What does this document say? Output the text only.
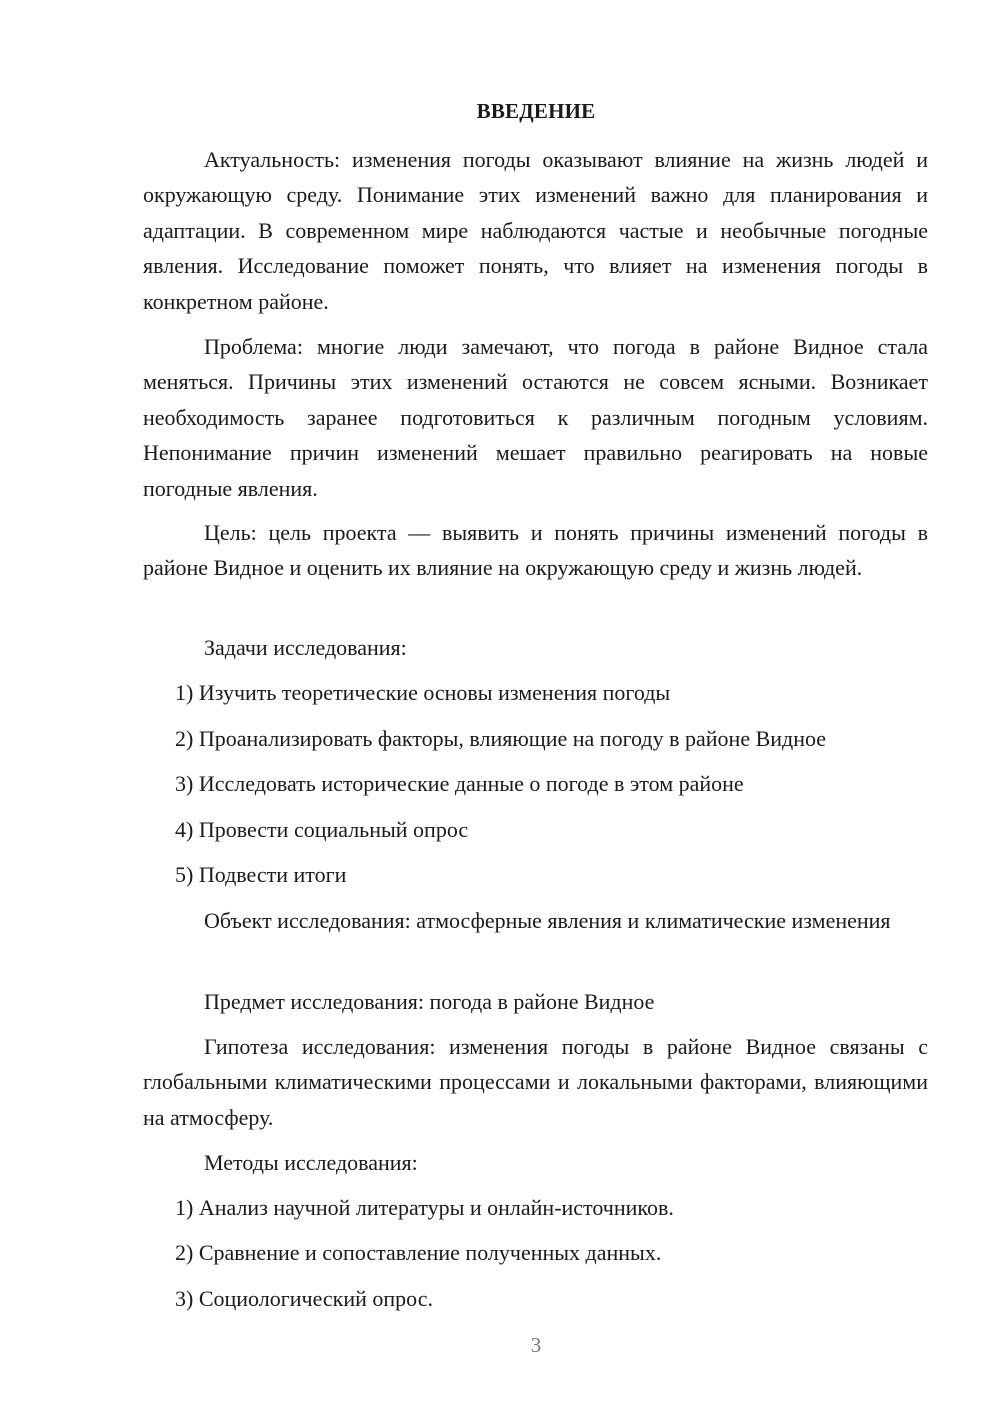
ВВЕДЕНИЕ

Актуальность: изменения погоды оказывают влияние на жизнь людей и окружающую среду. Понимание этих изменений важно для планирования и адаптации. В современном мире наблюдаются частые и необычные погодные явления. Исследование поможет понять, что влияет на изменения погоды в конкретном районе.

Проблема: многие люди замечают, что погода в районе Видное стала меняться. Причины этих изменений остаются не совсем ясными. Возникает необходимость заранее подготовиться к различным погодным условиям. Непонимание причин изменений мешает правильно реагировать на новые погодные явления.

Цель: цель проекта — выявить и понять причины изменений погоды в районе Видное и оценить их влияние на окружающую среду и жизнь людей.

Задачи исследования:
1) Изучить теоретические основы изменения погоды
2) Проанализировать факторы, влияющие на погоду в районе Видное
3) Исследовать исторические данные о погоде в этом районе
4) Провести социальный опрос
5) Подвести итоги

Объект исследования: атмосферные явления и климатические изменения

Предмет исследования: погода в районе Видное

Гипотеза исследования: изменения погоды в районе Видное связаны с глобальными климатическими процессами и локальными факторами, влияющими на атмосферу.

Методы исследования:
1) Анализ научной литературы и онлайн-источников.
2) Сравнение и сопоставление полученных данных.
3) Социологический опрос.
3
